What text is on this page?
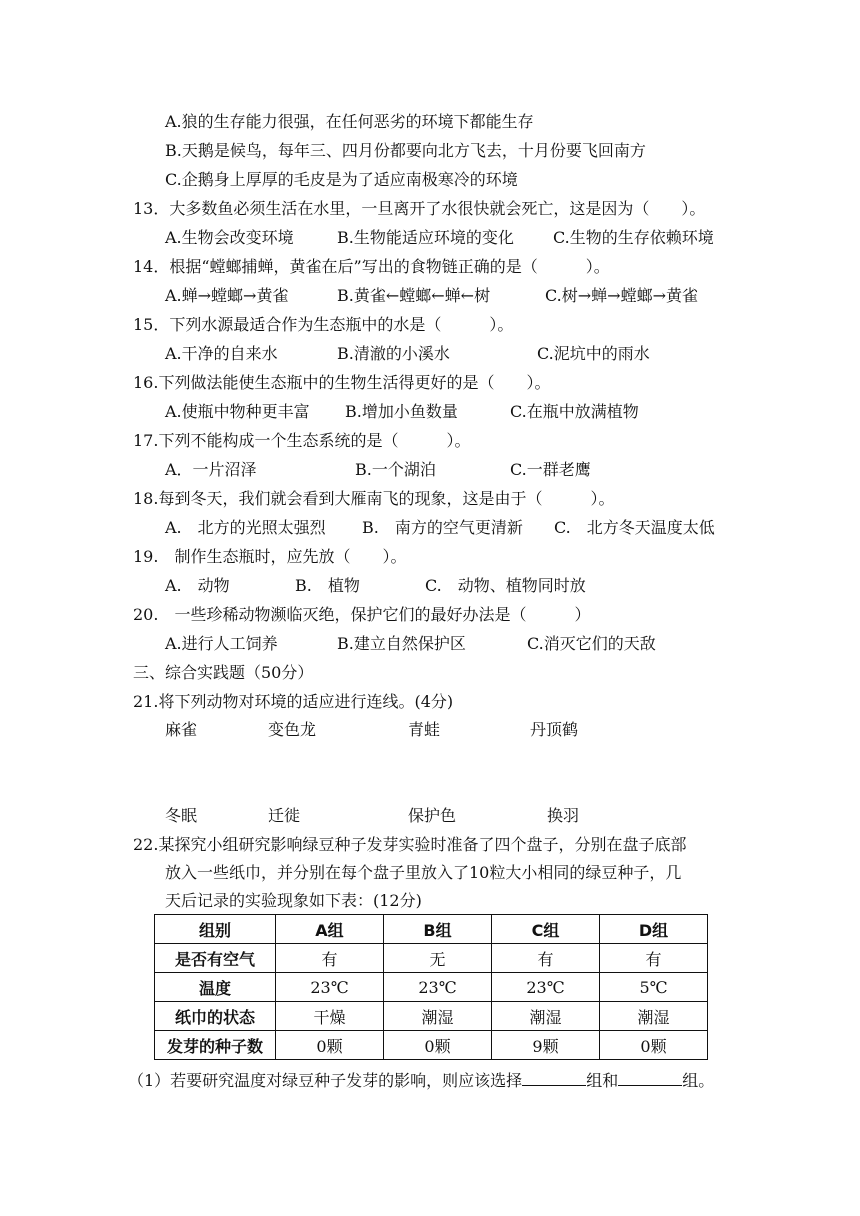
A.狼的生存能力很强，在任何恶劣的环境下都能生存
B.天鹅是候鸟，每年三、四月份都要向北方飞去，十月份要飞回南方
C.企鹅身上厚厚的毛皮是为了适应南极寒冷的环境
13．大多数鱼必须生活在水里，一旦离开了水很快就会死亡，这是因为（　　）。
A.生物会改变环境	B.生物能适应环境的变化 C.生物的生存依赖环境
14．根据“螳螂捕蝉，黄雀在后”写出的食物链正确的是（　　　）。
A.蝉→螳螂→黄雀	B.黄雀←螳螂←蝉←树	C.树→蝉→螳螂→黄雀
15．下列水源最适合作为生态瓶中的水是（　　　）。
A.干净的自来水	B.清澈的小溪水	C.泥坑中的雨水
16.下列做法能使生态瓶中的生物生活得更好的是（　　）。
A.使瓶中物种更丰富 B.增加小鱼数量	C.在瓶中放满植物
17.下列不能构成一个生态系统的是（　　　）。
A．一片沼泽	B.一个湖泊	C.一群老鹰
18.每到冬天，我们就会看到大雁南飞的现象，这是由于（　　　）。
A.　北方的光照太强烈 B.　南方的空气更清新 C.　北方冬天温度太低
19.　制作生态瓶时，应先放（　　）。
A.　动物	B.　植物	C.　动物、植物同时放
20.　一些珍稀动物濒临灭绝，保护它们的最好办法是（　　　）
A.进行人工饲养	B.建立自然保护区	C.消灭它们的天敌
三、综合实践题（50分）
21.将下列动物对环境的适应进行连线。(4分)
麻雀	变色龙	青蛙	丹顶鹤
冬眠	迁徙	保护色	换羽
22.某探究小组研究影响绿豆种子发芽实验时准备了四个盘子，分别在盘子底部
放入一些纸巾，并分别在每个盘子里放入了10粒大小相同的绿豆种子，几
天后记录的实验现象如下表：(12分)
组别	A组	B组	C组	D组
是否有空气	有	无	有	有
温度	23℃	23℃	23℃	5℃
纸巾的状态	干燥	潮湿	潮湿	潮湿
发芽的种子数	0颗	0颗	9颗	0颗
（1）若要研究温度对绿豆种子发芽的影响，则应该选择	组和	组。
